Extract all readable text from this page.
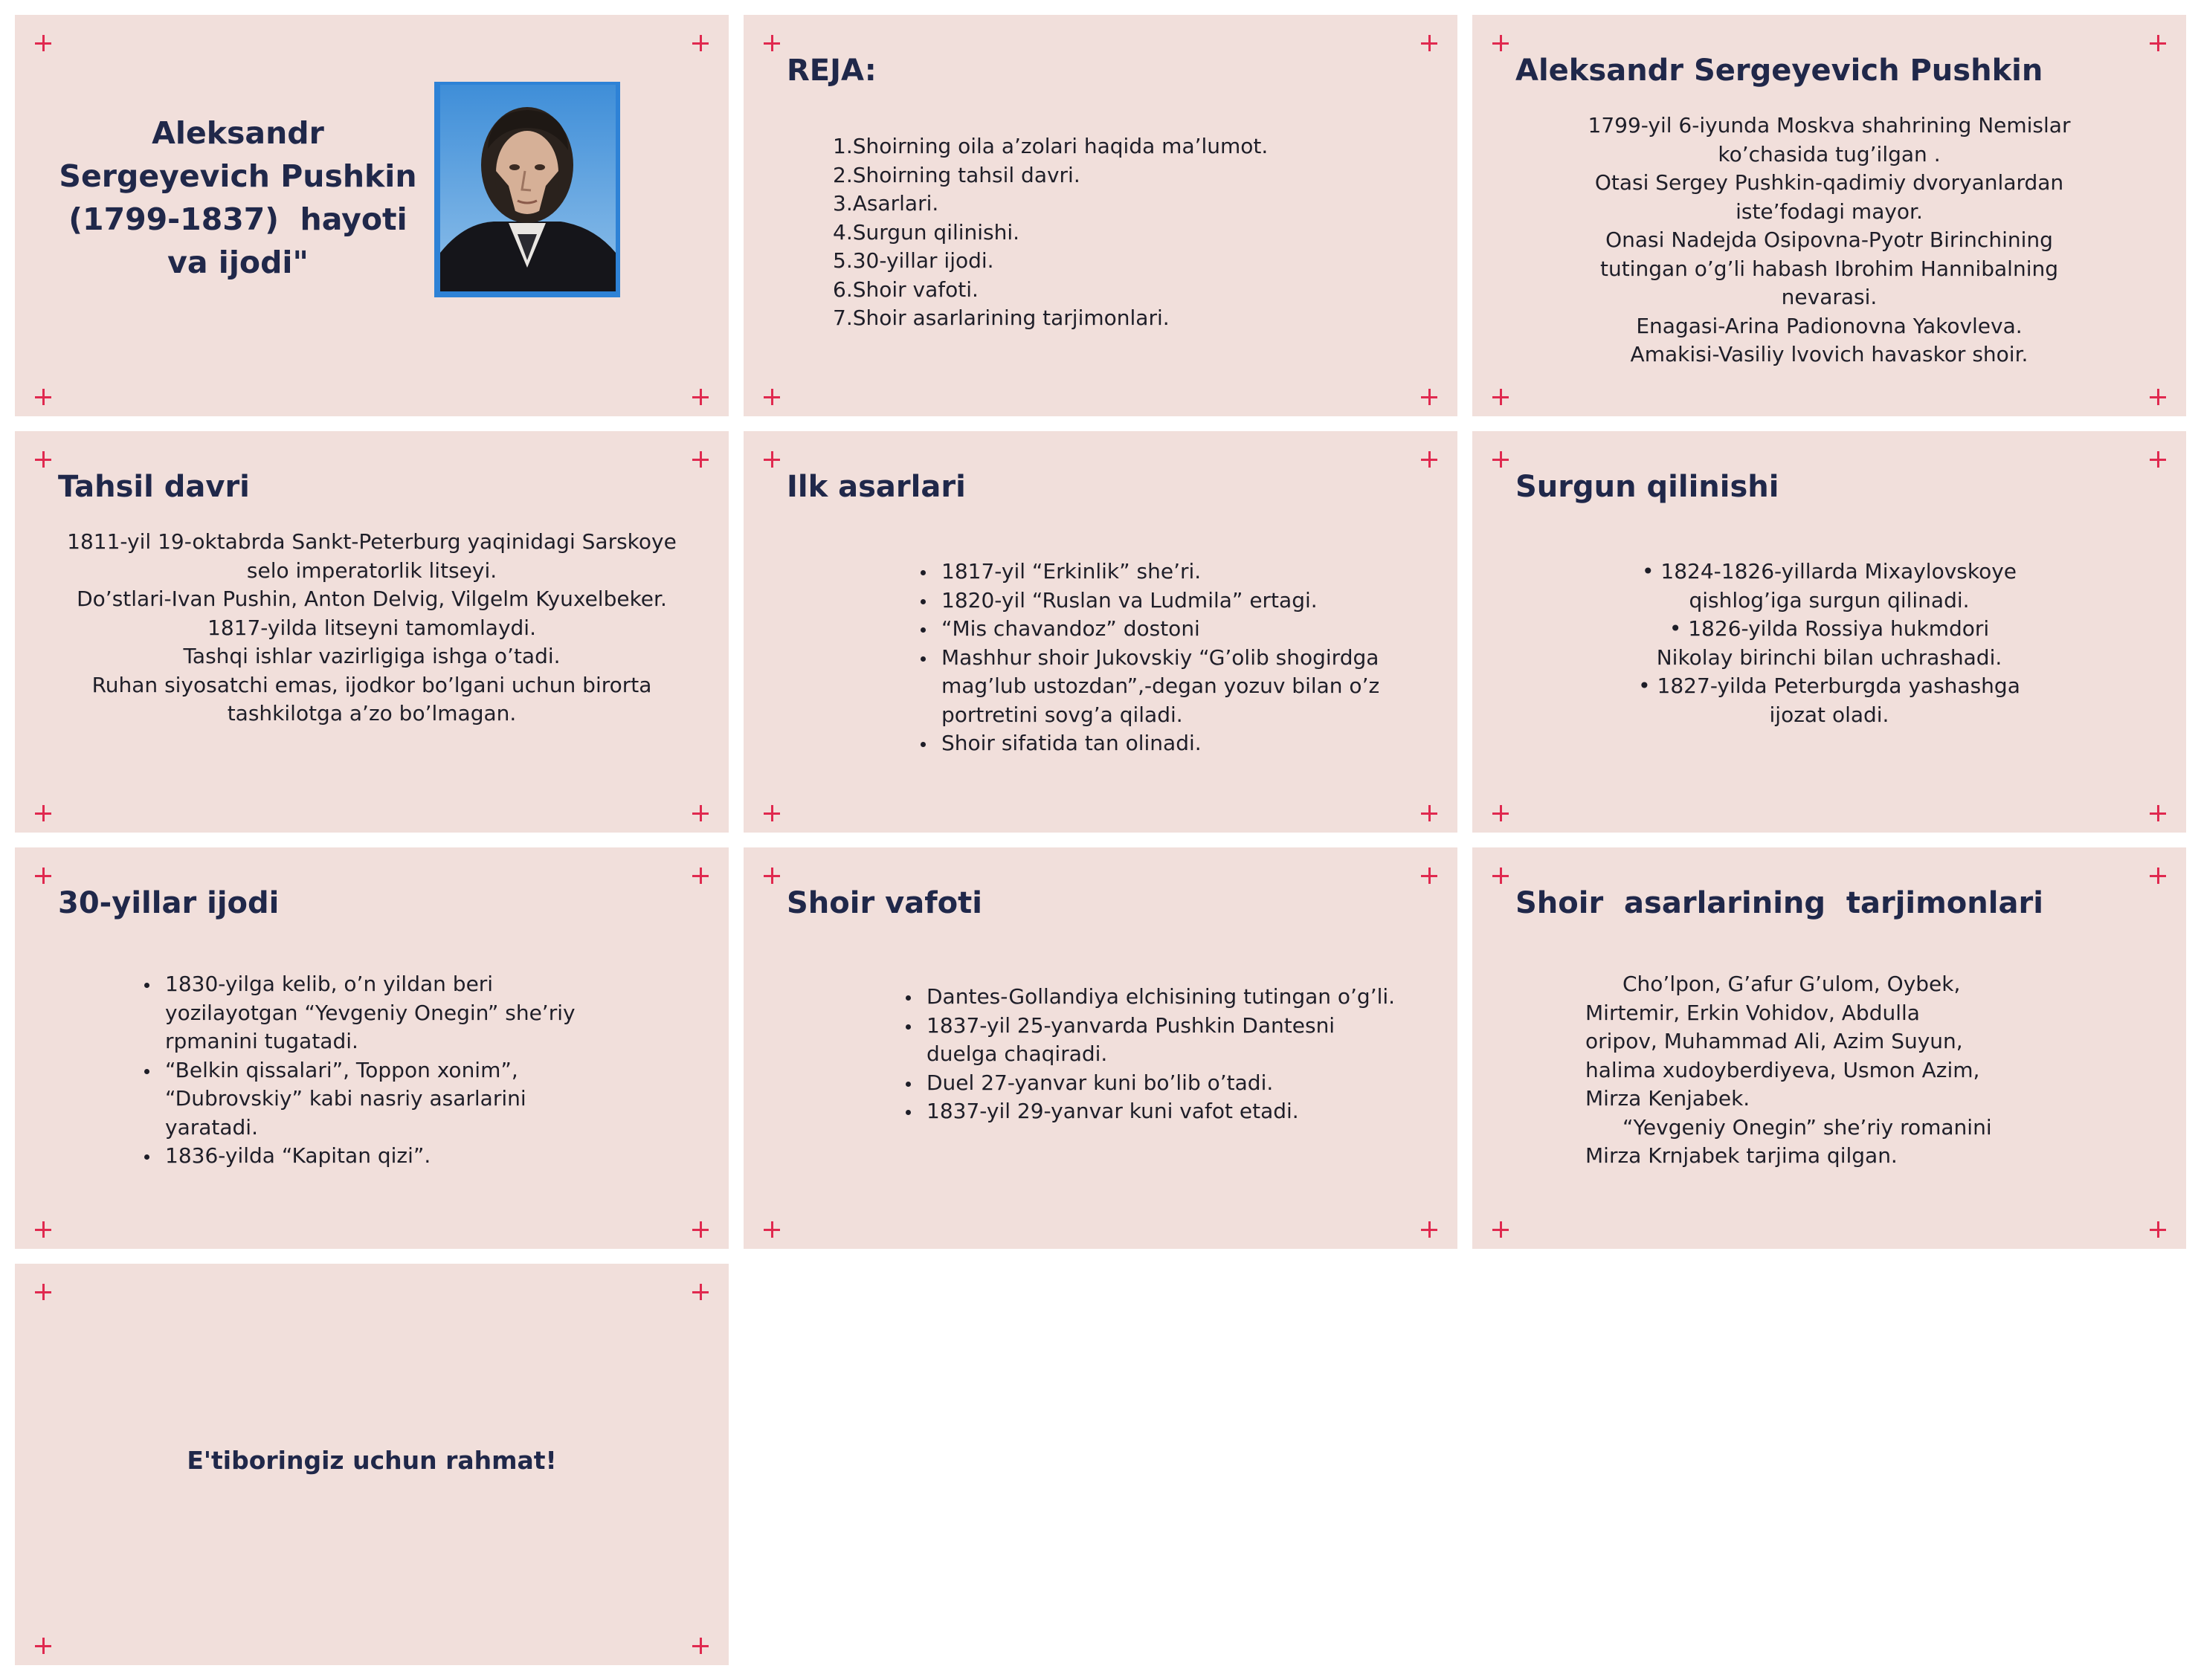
Aleksandr
Sergeyevich Pushkin
(1799-1837)  hayoti
va ijodi"
REJA:
1.Shoirning oila a’zolari haqida ma’lumot.
2.Shoirning tahsil davri.
3.Asarlari.
4.Surgun qilinishi.
5.30-yillar ijodi.
6.Shoir vafoti.
7.Shoir asarlarining tarjimonlari.
Aleksandr Sergeyevich Pushkin
1799-yil 6-iyunda Moskva shahrining Nemislar
ko’chasida tug’ilgan .
Otasi Sergey Pushkin-qadimiy dvoryanlardan
iste’fodagi mayor.
Onasi Nadejda Osipovna-Pyotr Birinchining
tutingan o’g’li habash Ibrohim Hannibalning
nevarasi.
Enagasi-Arina Padionovna Yakovleva.
Amakisi-Vasiliy lvovich havaskor shoir.
Tahsil davri
1811-yil 19-oktabrda Sankt-Peterburg yaqinidagi Sarskoye
selo imperatorlik litseyi.
Do’stlari-Ivan Pushin, Anton Delvig, Vilgelm Kyuxelbeker.
1817-yilda litseyni tamomlaydi.
Tashqi ishlar vazirligiga ishga o’tadi.
Ruhan siyosatchi emas, ijodkor bo’lgani uchun birorta
tashkilotga a’zo bo’lmagan.
Ilk asarlari
1817-yil “Erkinlik” she’ri.
1820-yil “Ruslan va Ludmila” ertagi.
“Mis chavandoz” dostoni
Mashhur shoir Jukovskiy “G’olib shogirdga
mag’lub ustozdan”,-degan yozuv bilan o’z
portretini sovg’a qiladi.
Shoir sifatida tan olinadi.
Surgun qilinishi
• 1824-1826-yillarda Mixaylovskoye
qishlog’iga surgun qilinadi.
• 1826-yilda Rossiya hukmdori
Nikolay birinchi bilan uchrashadi.
• 1827-yilda Peterburgda yashashga
ijozat oladi.
30-yillar ijodi
1830-yilga kelib, o’n yildan beri
yozilayotgan “Yevgeniy Onegin” she’riy
rpmanini tugatadi.
“Belkin qissalari”, Toppon xonim”,
“Dubrovskiy” kabi nasriy asarlarini
yaratadi.
1836-yilda “Kapitan qizi”.
Shoir vafoti
Dantes-Gollandiya elchisining tutingan o’g’li.
1837-yil 25-yanvarda Pushkin Dantesni
duelga chaqiradi.
Duel 27-yanvar kuni bo’lib o’tadi.
1837-yil 29-yanvar kuni vafot etadi.
Shoir  asarlarining  tarjimonlari
Cho’lpon, G’afur G’ulom, Oybek,
Mirtemir, Erkin Vohidov, Abdulla
oripov, Muhammad Ali, Azim Suyun,
halima xudoyberdiyeva, Usmon Azim,
Mirza Kenjabek.
“Yevgeniy Onegin” she’riy romanini
Mirza Krnjabek tarjima qilgan.
E'tiboringiz uchun rahmat!
